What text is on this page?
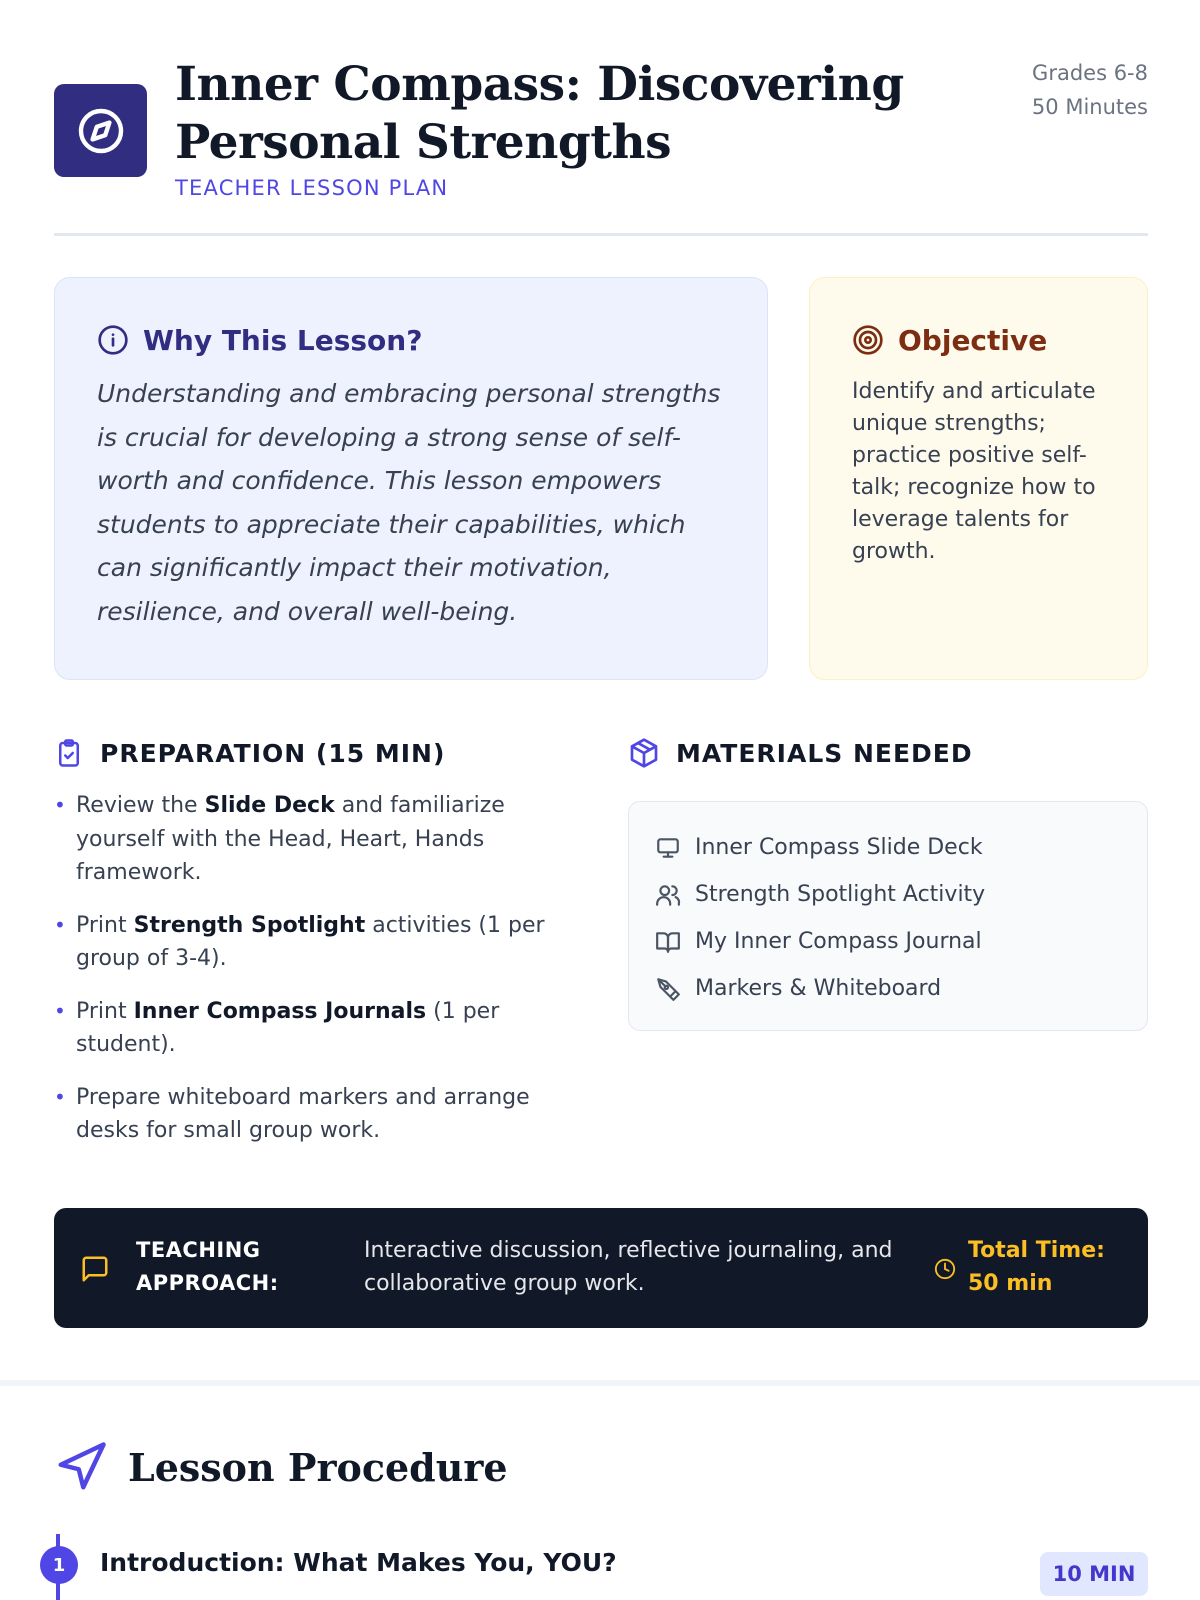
Inner Compass: Discovering Personal Strengths
TEACHER LESSON PLAN
Grades 6-8
50 Minutes
Why This Lesson?

Understanding and embracing personal strengths is crucial for developing a strong sense of self-worth and confidence. This lesson empowers students to appreciate their capabilities, which can significantly impact their motivation, resilience, and overall well-being.

Objective

Identify and articulate unique strengths; practice positive self-talk; recognize how to leverage talents for growth.

PREPARATION (15 MIN)
• Review the Slide Deck and familiarize yourself with the Head, Heart, Hands framework.
• Print Strength Spotlight activities (1 per group of 3-4).
• Print Inner Compass Journals (1 per student).
• Prepare whiteboard markers and arrange desks for small group work.
MATERIALS NEEDED
Inner Compass Slide Deck
Strength Spotlight Activity
My Inner Compass Journal
Markers & Whiteboard
TEACHING APPROACH:
Interactive discussion, reflective journaling, and collaborative group work.
Total Time: 50 min
Lesson Procedure
1	Introduction: What Makes You, YOU?	10 MIN
